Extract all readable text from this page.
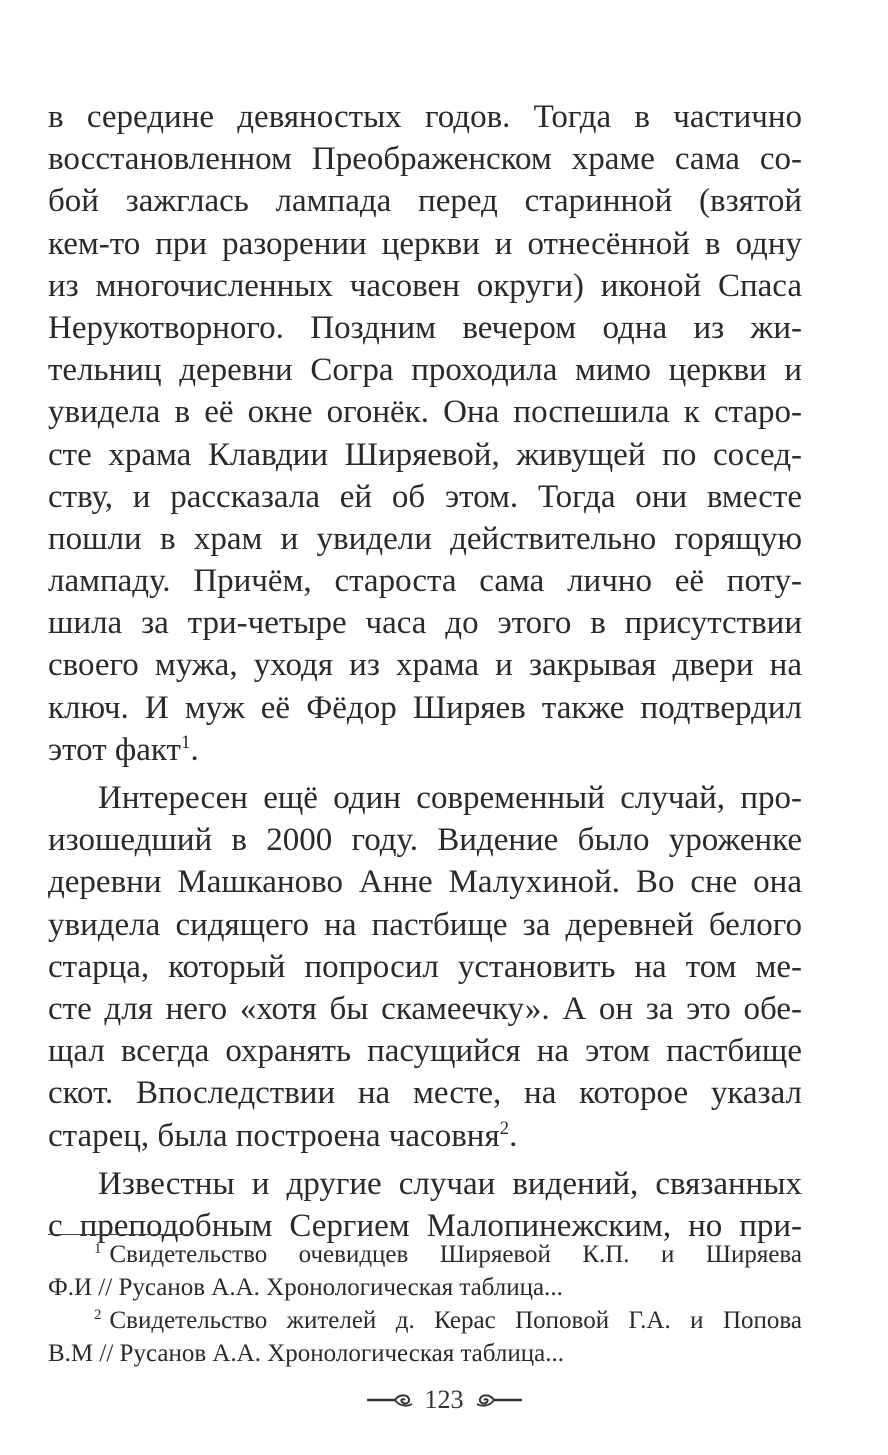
в середине девяностых годов. Тогда в частично
восстановленном Преображенском храме сама со-
бой зажглась лампада перед старинной (взятой
кем-то при разорении церкви и отнесённой в одну
из многочисленных часовен округи) иконой Спаса
Нерукотворного. Поздним вечером одна из жи-
тельниц деревни Согра проходила мимо церкви и
увидела в её окне огонёк. Она поспешила к старо-
сте храма Клавдии Ширяевой, живущей по сосед-
ству, и рассказала ей об этом. Тогда они вместе
пошли в храм и увидели действительно горящую
лампаду. Причём, староста сама лично её поту-
шила за три-четыре часа до этого в присутствии
своего мужа, уходя из храма и закрывая двери на
ключ. И муж её Фёдор Ширяев также подтвердил
этот факт$^1$.
Интересен ещё один современный случай, про-
изошедший в 2000 году. Видение было уроженке
деревни Машканово Анне Малухиной. Во сне она
увидела сидящего на пастбище за деревней белого
старца, который попросил установить на том ме-
сте для него «хотя бы скамеечку». А он за это обе-
щал всегда охранять пасущийся на этом пастбище
скот. Впоследствии на месте, на которое указал
старец, была построена часовня$^2$.
Известны и другие случаи видений, связанных
с преподобным Сергием Малопинежским, но при-
$^1$ Свидетельство очевидцев Ширяевой К.П. и Ширяева
Ф.И // Русанов А.А. Хронологическая таблица...
$^2$ Свидетельство жителей д. Керас Поповой Г.А. и Попова
В.М // Русанов А.А. Хронологическая таблица...
123
